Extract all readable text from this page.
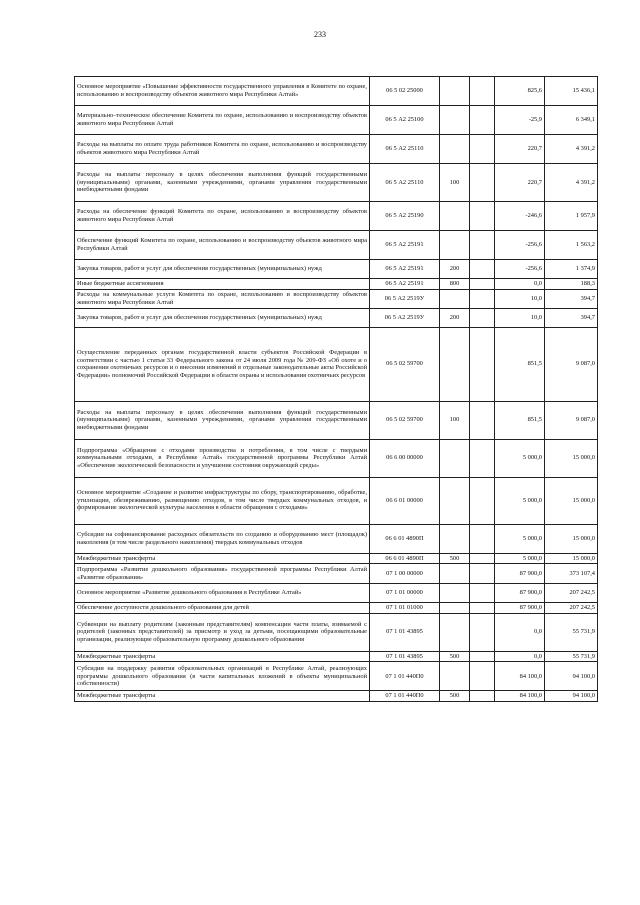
233
Основное мероприятие «Повышение эффективности государственного управления в Комитете по охране, использованию и воспроизводству объектов животного мира Республики Алтай»	06 5 02 25000			825,6	15 436,1
Материально–техническое обеспечение Комитета по охране, использованию и воспроизводству объектов животного мира Республики Алтай	06 5 А2 25100			-25,9	6 349,1
Расходы на выплаты по оплате труда работников Комитета по охране, использованию и воспроизводству объектов животного мира Республики Алтай	06 5 А2 25110			220,7	4 391,2
Расходы на выплаты персоналу в целях обеспечения выполнения функций государственными (муниципальными) органами, казенными учреждениями, органами управления государственными внебюджетными фондами	06 5 А2 25110	100		220,7	4 391,2
Расходы на обеспечение функций Комитета по охране, использованию и воспроизводству объектов животного мира Республики Алтай	06 5 А2 25190			-246,6	1 957,9
Обеспечение функций Комитета по охране, использованию и воспроизводству объектов животного мира Республики Алтай	06 5 А2 25191			-256,6	1 563,2
Закупка товаров, работ и услуг для обеспечения государственных (муниципальных) нужд	06 5 А2 25191	200		-256,6	1 374,9
Иные бюджетные ассигнования	06 5 А2 25191	800		0,0	188,3
Расходы на коммунальные услуги Комитета по охране, использованию и воспроизводству объектов животного мира Республики Алтай	06 5 А2 2519У			10,0	394,7
Закупка товаров, работ и услуг для обеспечения государственных (муниципальных) нужд	06 5 А2 2519У	200		10,0	394,7
Осуществление переданных органам государственной власти субъектов Российской Федерации в соответствии с частью 1 статьи 33 Федерального закона от 24 июля 2009 года № 209-ФЗ «Об охоте и о сохранении охотничьих ресурсов и о внесении изменений в отдельные законодательные акты Российской Федерации» полномочий Российской Федерации в области охраны и использования охотничьих ресурсов	06 5 02 59700			851,5	9 087,0
Расходы на выплаты персоналу в целях обеспечения выполнения функций государственными (муниципальными) органами, казенными учреждениями, органами управления государственными внебюджетными фондами	06 5 02 59700	100		851,5	9 087,0
Подпрограмма «Обращение с отходами производства и потребления, в том числе с твердыми коммунальными отходами, в Республике Алтай» государственной программы Республики Алтай «Обеспечение экологической безопасности и улучшение состояния окружающей среды»	06 6 00 00000			5 000,0	15 000,0
Основное мероприятие «Создание и развитие инфраструктуры по сбору, транспортированию, обработке, утилизации, обезвреживанию, размещению отходов, в том числе твердых коммунальных отходов, и формирование экологической культуры населения в области обращения с отходами»	06 6 01 00000			5 000,0	15 000,0
Субсидии на софинансирование расходных обязательств по созданию и оборудованию мест (площадок) накопления (в том числе раздельного накопления) твердых коммунальных отходов	06 6 01 4890П			5 000,0	15 000,0
Межбюджетные трансферты	06 6 01 4890П	500		5 000,0	15 000,0
Подпрограмма «Развитие дошкольного образования» государственной программы Республики Алтай «Развитие образования»	07 1 00 00000			87 900,0	373 107,4
Основное мероприятие «Развитие дошкольного образования в Республике Алтай»	07 1 01 00000			87 900,0	207 242,5
Обеспечение доступности дошкольного образования для детей	07 1 01 01000			87 900,0	207 242,5
Субвенции на выплату родителям (законным представителям) компенсации части платы, взимаемой с родителей (законных представителей) за присмотр и уход за детьми, посещающими образовательные организации, реализующие образовательную программу дошкольного образования	07 1 01 43895			0,0	55 731,9
Межбюджетные трансферты	07 1 01 43895	500		0,0	55 731,9
Субсидии на поддержку развития образовательных организаций в Республике Алтай, реализующих программы дошкольного образования (в части капитальных вложений в объекты муниципальной собственности)	07 1 01 440П0			84 100,0	94 100,0
Межбюджетные трансферты	07 1 01 440П0	500		84 100,0	94 100,0
